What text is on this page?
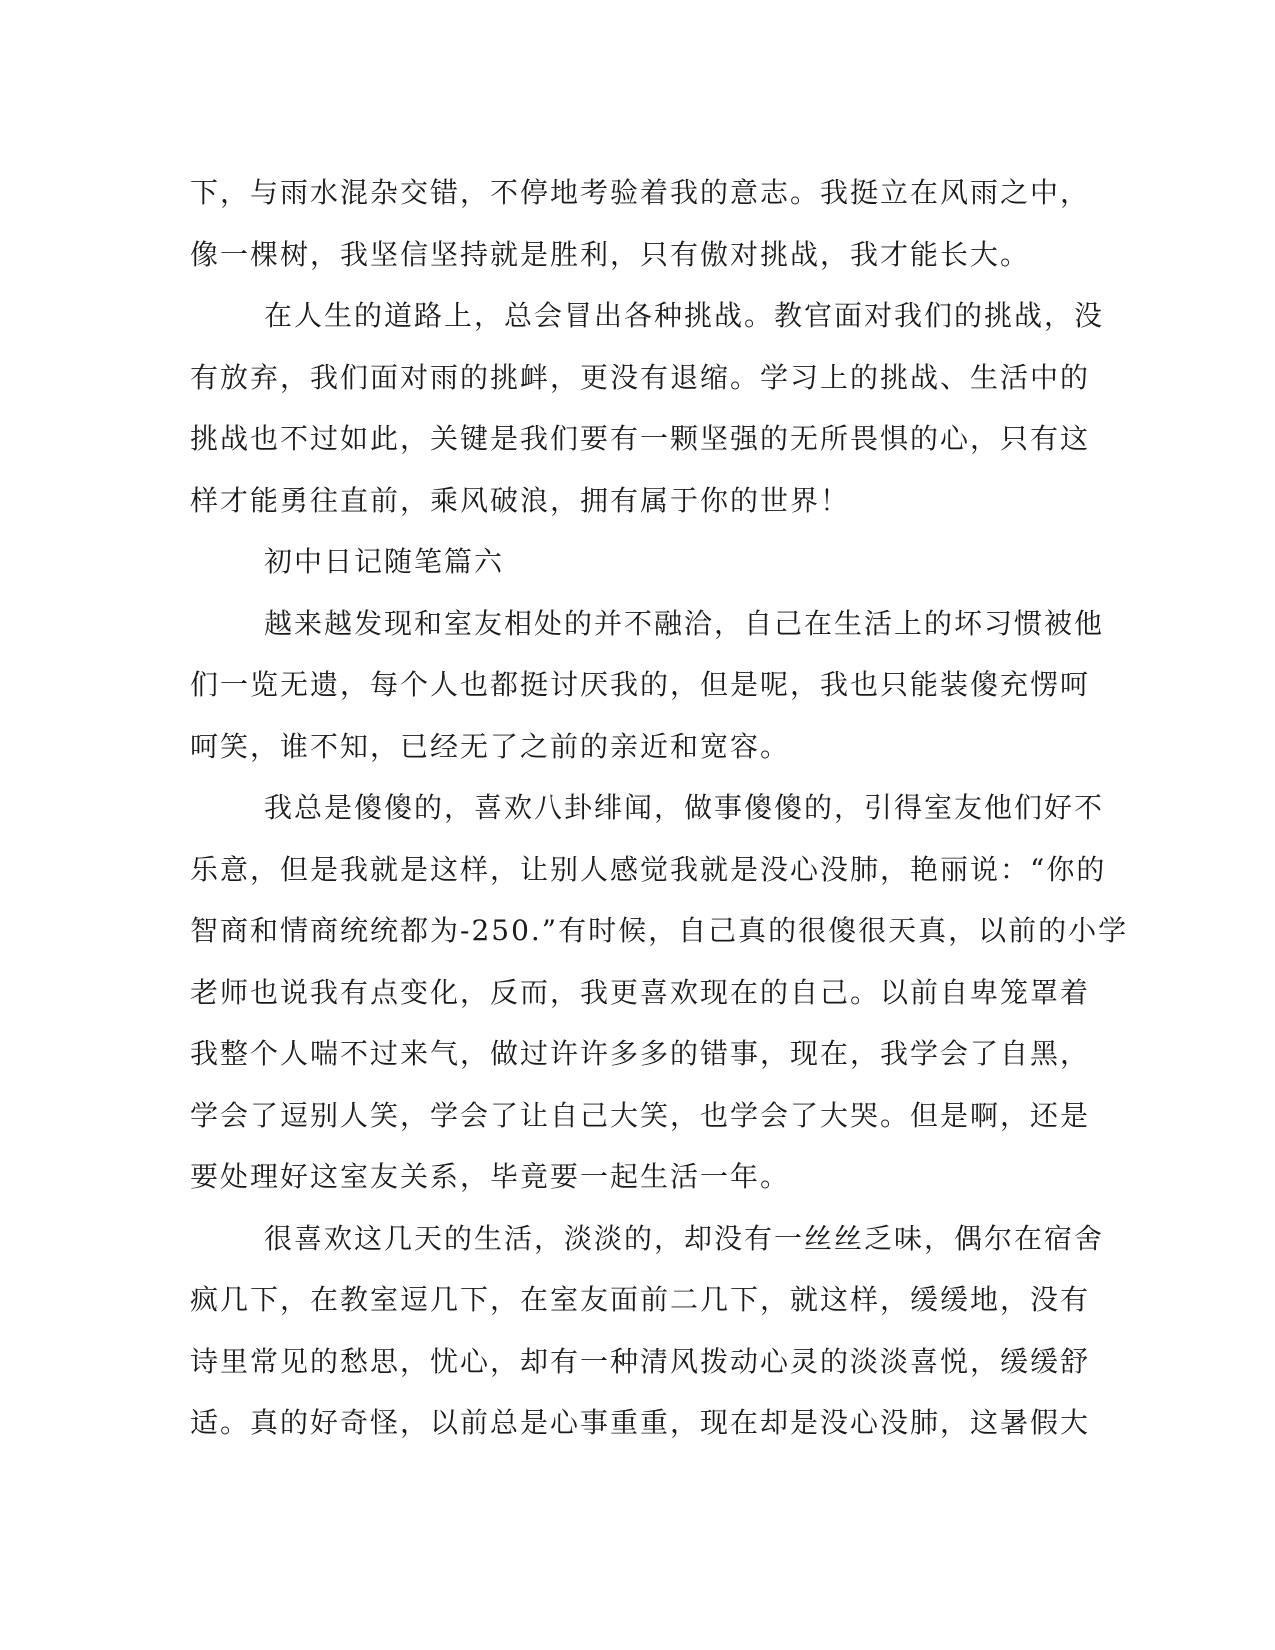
下，与雨水混杂交错，不停地考验着我的意志。我挺立在风雨之中，
像一棵树，我坚信坚持就是胜利，只有傲对挑战，我才能长大。
在人生的道路上，总会冒出各种挑战。教官面对我们的挑战，没
有放弃，我们面对雨的挑衅，更没有退缩。学习上的挑战、生活中的
挑战也不过如此，关键是我们要有一颗坚强的无所畏惧的心，只有这
样才能勇往直前，乘风破浪，拥有属于你的世界！
初中日记随笔篇六
越来越发现和室友相处的并不融洽，自己在生活上的坏习惯被他
们一览无遗，每个人也都挺讨厌我的，但是呢，我也只能装傻充愣呵
呵笑，谁不知，已经无了之前的亲近和宽容。
我总是傻傻的，喜欢八卦绯闻，做事傻傻的，引得室友他们好不
乐意，但是我就是这样，让别人感觉我就是没心没肺，艳丽说：“你的
智商和情商统统都为-250.”有时候，自己真的很傻很天真，以前的小学
老师也说我有点变化，反而，我更喜欢现在的自己。以前自卑笼罩着
我整个人喘不过来气，做过许许多多的错事，现在，我学会了自黑，
学会了逗别人笑，学会了让自己大笑，也学会了大哭。但是啊，还是
要处理好这室友关系，毕竟要一起生活一年。
很喜欢这几天的生活，淡淡的，却没有一丝丝乏味，偶尔在宿舍
疯几下，在教室逗几下，在室友面前二几下，就这样，缓缓地，没有
诗里常见的愁思，忧心，却有一种清风拨动心灵的淡淡喜悦，缓缓舒
适。真的好奇怪，以前总是心事重重，现在却是没心没肺，这暑假大
